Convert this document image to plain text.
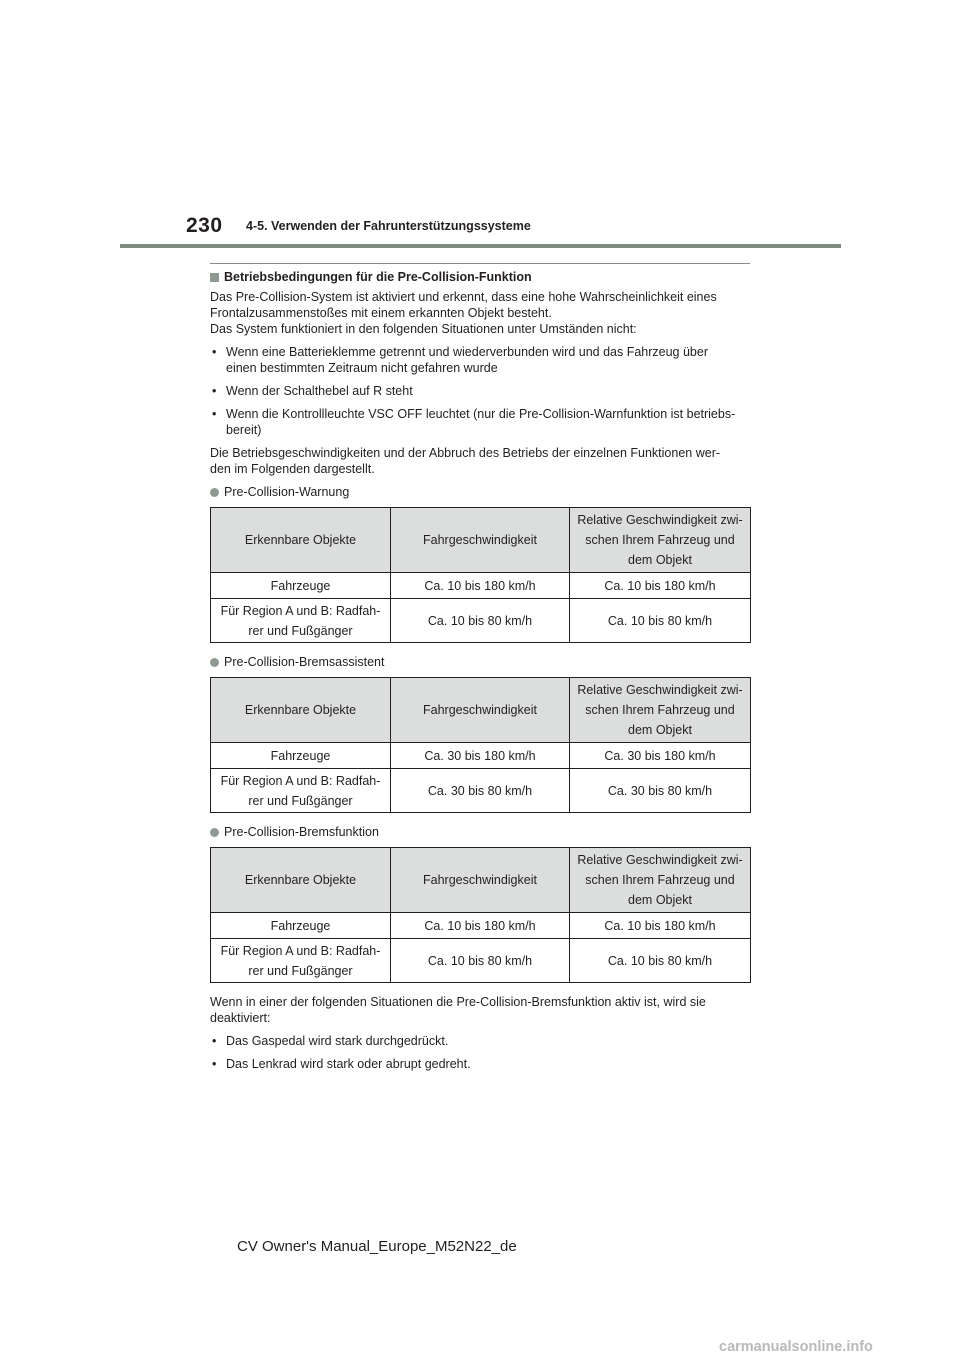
230 4-5. Verwenden der Fahrunterstützungssysteme
Betriebsbedingungen für die Pre-Collision-Funktion

Das Pre-Collision-System ist aktiviert und erkennt, dass eine hohe Wahrscheinlichkeit eines

Frontalzusammenstoßes mit einem erkannten Objekt besteht.

Das System funktioniert in den folgenden Situationen unter Umständen nicht:

• Wenn eine Batterieklemme getrennt und wiederverbunden wird und das Fahrzeug über
einen bestimmten Zeitraum nicht gefahren wurde
• Wenn der Schalthebel auf R steht
• Wenn die Kontrollleuchte VSC OFF leuchtet (nur die Pre-Collision-Warnfunktion ist betriebs-
bereit)

Die Betriebsgeschwindigkeiten und der Abbruch des Betriebs der einzelnen Funktionen wer-

den im Folgenden dargestellt.

Pre-Collision-Warnung
Erkennbare Objekte	Fahrgeschwindigkeit	Relative Geschwindigkeit zwi-
schen Ihrem Fahrzeug und
dem Objekt
Fahrzeuge	Ca. 10 bis 180 km/h	Ca. 10 bis 180 km/h
Für Region A und B: Radfah-
rer und Fußgänger	Ca. 10 bis 80 km/h	Ca. 10 bis 80 km/h
Pre-Collision-Bremsassistent
Erkennbare Objekte	Fahrgeschwindigkeit	Relative Geschwindigkeit zwi-
schen Ihrem Fahrzeug und
dem Objekt
Fahrzeuge	Ca. 30 bis 180 km/h	Ca. 30 bis 180 km/h
Für Region A und B: Radfah-
rer und Fußgänger	Ca. 30 bis 80 km/h	Ca. 30 bis 80 km/h
Pre-Collision-Bremsfunktion
Erkennbare Objekte	Fahrgeschwindigkeit	Relative Geschwindigkeit zwi-
schen Ihrem Fahrzeug und
dem Objekt
Fahrzeuge	Ca. 10 bis 180 km/h	Ca. 10 bis 180 km/h
Für Region A und B: Radfah-
rer und Fußgänger	Ca. 10 bis 80 km/h	Ca. 10 bis 80 km/h

Wenn in einer der folgenden Situationen die Pre-Collision-Bremsfunktion aktiv ist, wird sie

deaktiviert:

• Das Gaspedal wird stark durchgedrückt.
• Das Lenkrad wird stark oder abrupt gedreht.
CV Owner's Manual_Europe_M52N22_de
carmanualsonline.info
